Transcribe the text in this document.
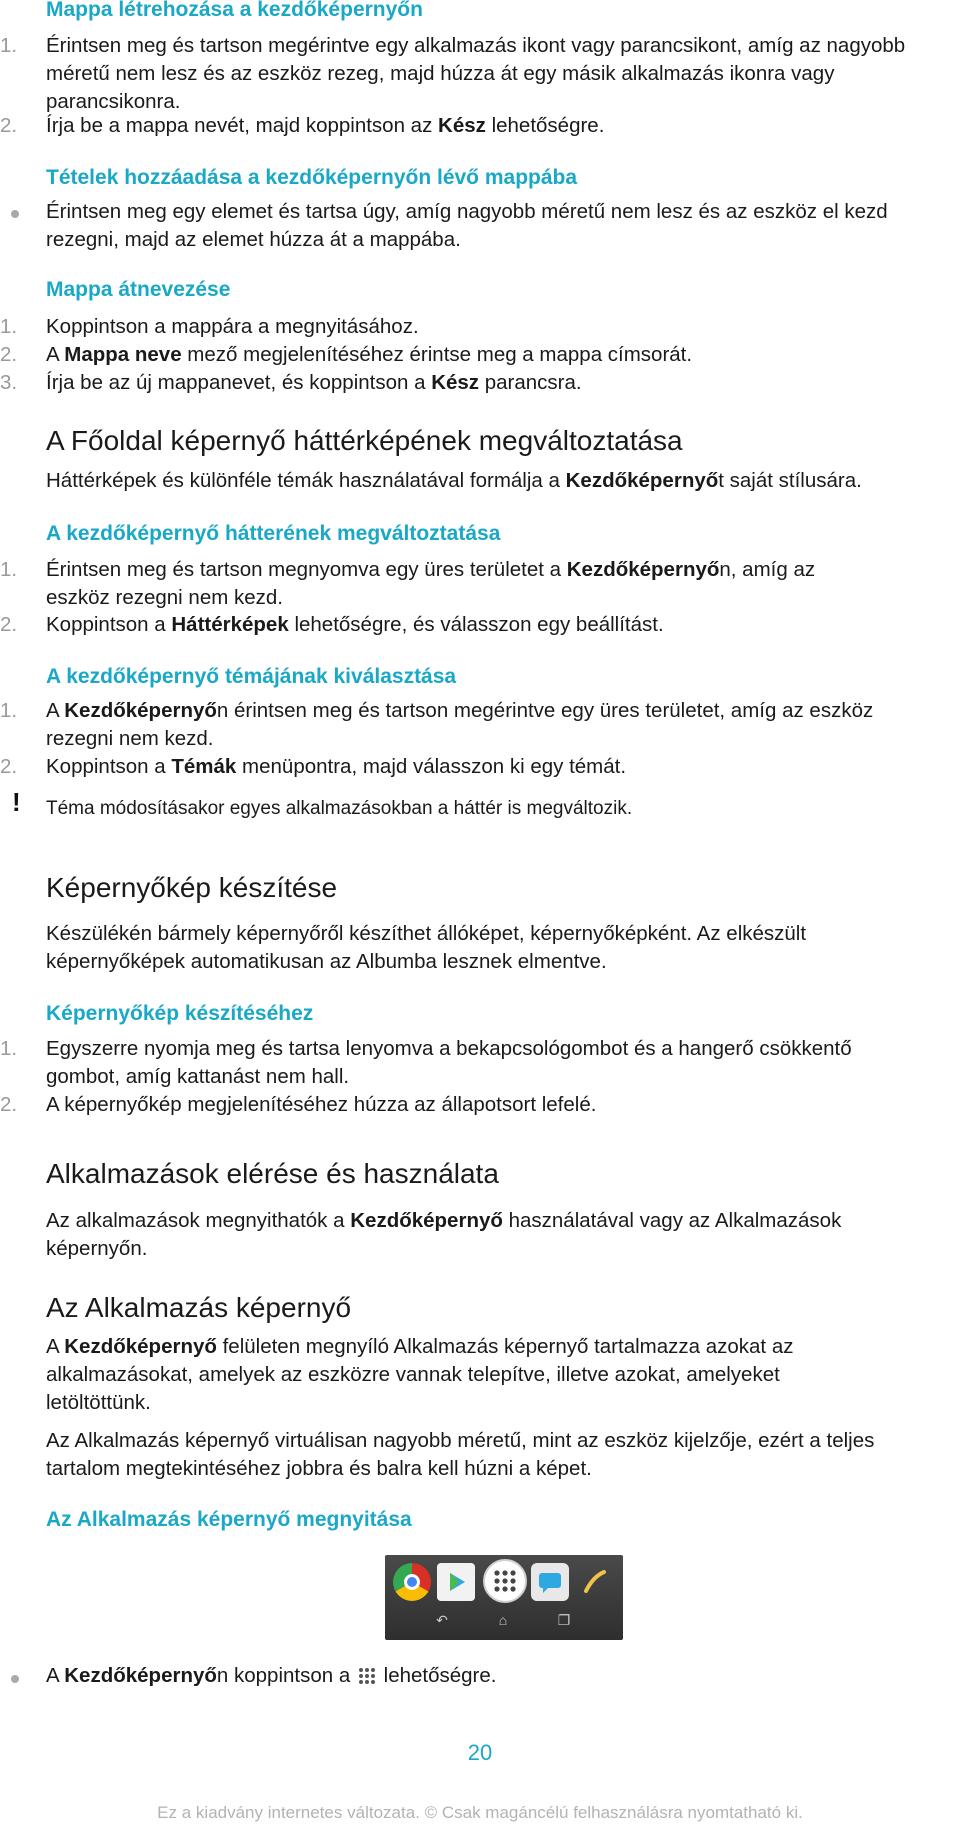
Mappa létrehozása a kezdőképernyőn
1. Érintsen meg és tartson megérintve egy alkalmazás ikont vagy parancsikont, amíg az nagyobb méretű nem lesz és az eszköz rezeg, majd húzza át egy másik alkalmazás ikonra vagy parancsikonra.

2. Írja be a mappa nevét, majd koppintson az Kész lehetőségre.

Tételek hozzáadása a kezdőképernyőn lévő mappába

Érintsen meg egy elemet és tartsa úgy, amíg nagyobb méretű nem lesz és az eszköz el kezd rezegni, majd az elemet húzza át a mappába.

Mappa átnevezése
1. Koppintson a mappára a megnyitásához.

2. A Mappa neve mező megjelenítéséhez érintse meg a mappa címsorát.

3. Írja be az új mappanevet, és koppintson a Kész parancsra.

A Főoldal képernyő háttérképének megváltoztatása

Háttérképek és különféle témák használatával formálja a Kezdőképernyőt saját stílusára.

A kezdőképernyő hátterének megváltoztatása
1. Érintsen meg és tartson megnyomva egy üres területet a Kezdőképernyőn, amíg az eszköz rezegni nem kezd.

2. Koppintson a Háttérképek lehetőségre, és válasszon egy beállítást.

A kezdőképernyő témájának kiválasztása
1. A Kezdőképernyőn érintsen meg és tartson megérintve egy üres területet, amíg az eszköz rezegni nem kezd.

2. Koppintson a Témák menüpontra, majd válasszon ki egy témát.

! Téma módosításakor egyes alkalmazásokban a háttér is megváltozik.

Képernyőkép készítése

Készülékén bármely képernyőről készíthet állóképet, képernyőképként. Az elkészült képernyőképek automatikusan az Albumba lesznek elmentve.

Képernyőkép készítéséhez
1. Egyszerre nyomja meg és tartsa lenyomva a bekapcsológombot és a hangerő csökkentő gombot, amíg kattanást nem hall.

2. A képernyőkép megjelenítéséhez húzza az állapotsort lefelé.

Alkalmazások elérése és használata

Az alkalmazások megnyithatók a Kezdőképernyő használatával vagy az Alkalmazások képernyőn.

Az Alkalmazás képernyő

A Kezdőképernyő felületen megnyíló Alkalmazás képernyő tartalmazza azokat az alkalmazásokat, amelyek az eszközre vannak telepítve, illetve azokat, amelyeket letöltöttünk.

Az Alkalmazás képernyő virtuálisan nagyobb méretű, mint az eszköz kijelzője, ezért a teljes tartalom megtekintéséhez jobbra és balra kell húzni a képet.

Az Alkalmazás képernyő megnyitása
↶	⌂	❐

A Kezdőképernyőn koppintson a  lehetőségre.

20
Ez a kiadvány internetes változata. © Csak magáncélú felhasználásra nyomtatható ki.
